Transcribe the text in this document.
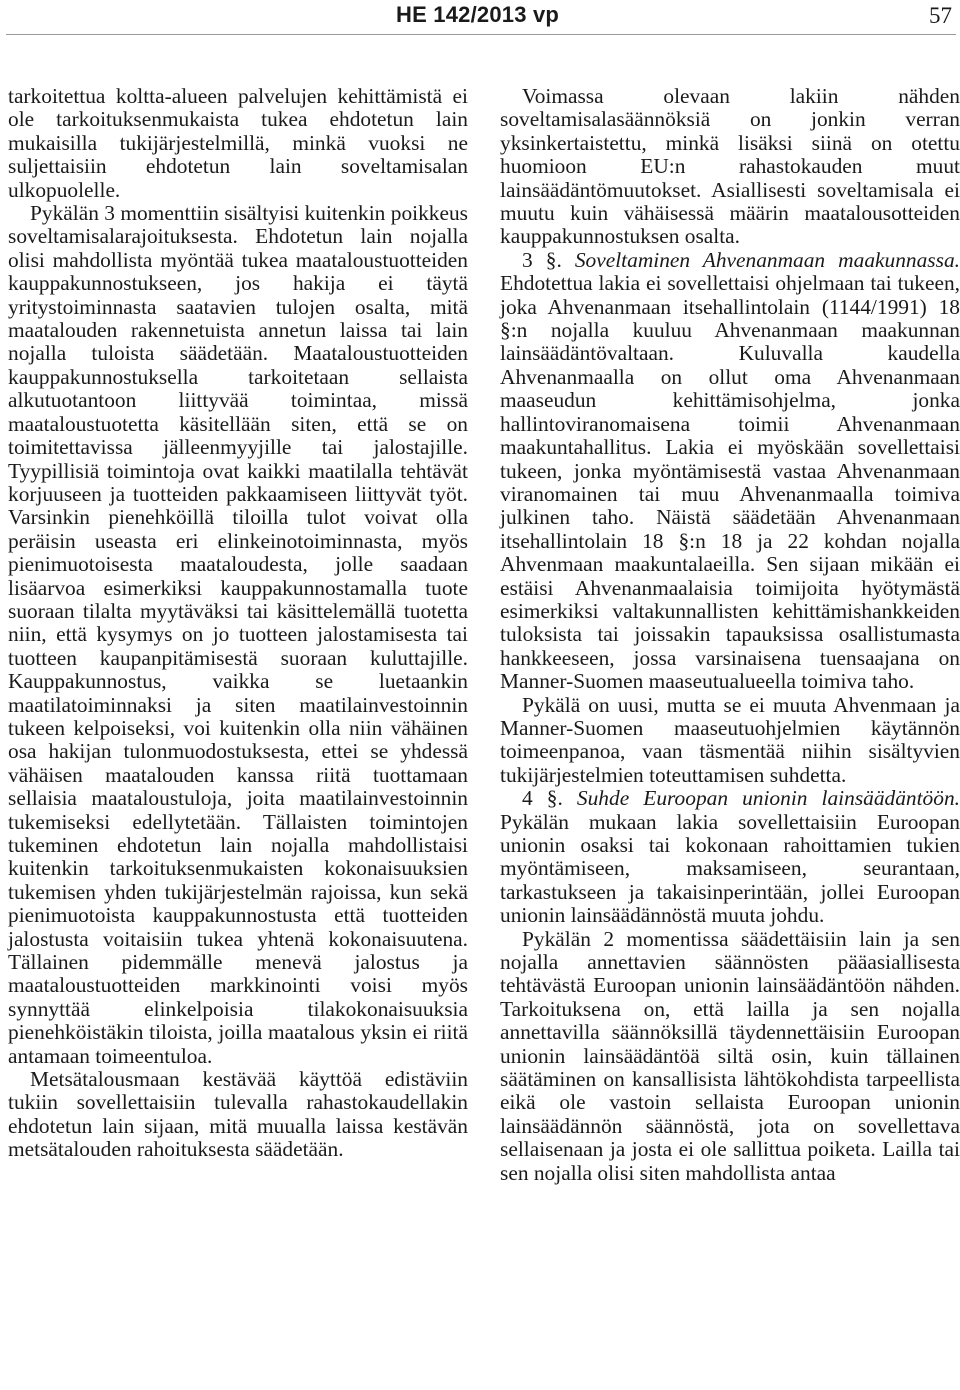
HE 142/2013 vp	57

tarkoitettua koltta-alueen palvelujen kehittämistä ei ole tarkoituksenmukaista tukea ehdotetun lain mukaisilla tukijärjestelmillä, minkä vuoksi ne suljettaisiin ehdotetun lain soveltamisalan ulkopuolelle.

Pykälän 3 momenttiin sisältyisi kuitenkin poikkeus soveltamisalarajoituksesta. Ehdotetun lain nojalla olisi mahdollista myöntää tukea maataloustuotteiden kauppakunnostukseen, jos hakija ei täytä yritystoiminnasta saatavien tulojen osalta, mitä maatalouden rakennetuista annetun laissa tai lain nojalla tuloista säädetään. Maataloustuotteiden kauppakunnostuksella tarkoitetaan sellaista alkutuotantoon liittyvää toimintaa, missä maataloustuotetta käsitellään siten, että se on toimitettavissa jälleenmyyjille tai jalostajille. Tyypillisiä toimintoja ovat kaikki maatilalla tehtävät korjuuseen ja tuotteiden pakkaamiseen liittyvät työt. Varsinkin pienehköillä tiloilla tulot voivat olla peräisin useasta eri elinkeinotoiminnasta, myös pienimuotoisesta maataloudesta, jolle saadaan lisäarvoa esimerkiksi kauppakunnostamalla tuote suoraan tilalta myytäväksi tai käsittelemällä tuotetta niin, että kysymys on jo tuotteen jalostamisesta tai tuotteen kaupanpitämisestä suoraan kuluttajille. Kauppakunnostus, vaikka se luetaankin maatilatoiminnaksi ja siten maatilainvestoinnin tukeen kelpoiseksi, voi kuitenkin olla niin vähäinen osa hakijan tulonmuodostuksesta, ettei se yhdessä vähäisen maatalouden kanssa riitä tuottamaan sellaisia maataloustuloja, joita maatilainvestoinnin tukemiseksi edellytetään. Tällaisten toimintojen tukeminen ehdotetun lain nojalla mahdollistaisi kuitenkin tarkoituksenmukaisten kokonaisuuksien tukemisen yhden tukijärjestelmän rajoissa, kun sekä pienimuotoista kauppakunnostusta että tuotteiden jalostusta voitaisiin tukea yhtenä kokonaisuutena. Tällainen pidemmälle menevä jalostus ja maataloustuotteiden markkinointi voisi myös synnyttää elinkelpoisia tilakokonaisuuksia pienehköistäkin tiloista, joilla maatalous yksin ei riitä antamaan toimeentuloa.

Metsätalousmaan kestävää käyttöä edistäviin tukiin sovellettaisiin tulevalla rahastokaudellakin ehdotetun lain sijaan, mitä muualla laissa kestävän metsätalouden rahoituksesta säädetään.

Voimassa olevaan lakiin nähden soveltamisalasäännöksiä on jonkin verran yksinkertaistettu, minkä lisäksi siinä on otettu huomioon EU:n rahastokauden muut lainsäädäntömuutokset. Asiallisesti soveltamisala ei muutu kuin vähäisessä määrin maatalousotteiden kauppakunnostuksen osalta.

3 §. Soveltaminen Ahvenanmaan maakunnassa. Ehdotettua lakia ei sovellettaisi ohjelmaan tai tukeen, joka Ahvenanmaan itsehallintolain (1144/1991) 18 §:n nojalla kuuluu Ahvenanmaan maakunnan lainsäädäntövaltaan. Kuluvalla kaudella Ahvenanmaalla on ollut oma Ahvenanmaan maaseudun kehittämisohjelma, jonka hallintoviranomaisena toimii Ahvenanmaan maakuntahallitus. Lakia ei myöskään sovellettaisi tukeen, jonka myöntämisestä vastaa Ahvenanmaan viranomainen tai muu Ahvenanmaalla toimiva julkinen taho. Näistä säädetään Ahvenanmaan itsehallintolain 18 §:n 18 ja 22 kohdan nojalla Ahvenmaan maakuntalaeilla. Sen sijaan mikään ei estäisi Ahvenanmaalaisia toimijoita hyötymästä esimerkiksi valtakunnallisten kehittämishankkeiden tuloksista tai joissakin tapauksissa osallistumasta hankkeeseen, jossa varsinaisena tuensaajana on Manner-Suomen maaseutualueella toimiva taho.

Pykälä on uusi, mutta se ei muuta Ahvenmaan ja Manner-Suomen maaseutuohjelmien käytännön toimeenpanoa, vaan täsmentää niihin sisältyvien tukijärjestelmien toteuttamisen suhdetta.

4 §. Suhde Euroopan unionin lainsäädäntöön. Pykälän mukaan lakia sovellettaisiin Euroopan unionin osaksi tai kokonaan rahoittamien tukien myöntämiseen, maksamiseen, seurantaan, tarkastukseen ja takaisinperintään, jollei Euroopan unionin lainsäädännöstä muuta johdu.

Pykälän 2 momentissa säädettäisiin lain ja sen nojalla annettavien säännösten pääasiallisesta tehtävästä Euroopan unionin lainsäädäntöön nähden. Tarkoituksena on, että lailla ja sen nojalla annettavilla säännöksillä täydennettäisiin Euroopan unionin lainsäädäntöä siltä osin, kuin tällainen säätäminen on kansallisista lähtökohdista tarpeellista eikä ole vastoin sellaista Euroopan unionin lainsäädännön säännöstä, jota on sovellettava sellaisenaan ja josta ei ole sallittua poiketa. Lailla tai sen nojalla olisi siten mahdollista antaa
